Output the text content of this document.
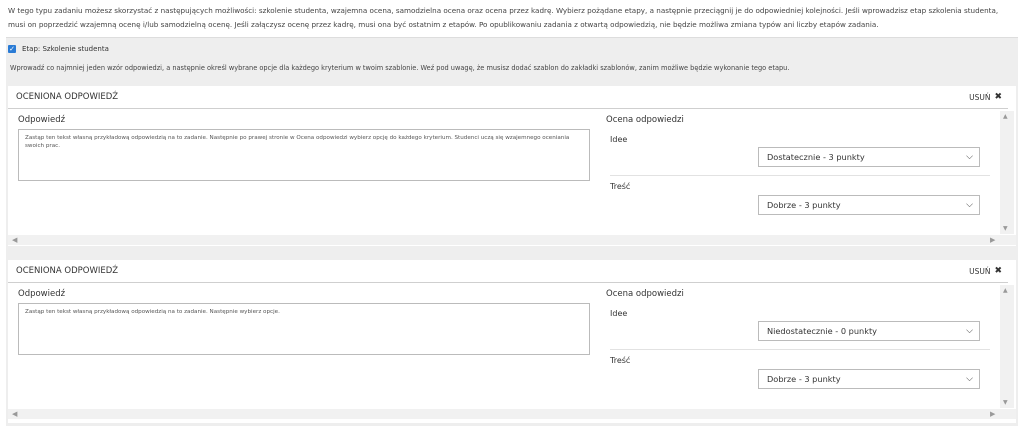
W tego typu zadaniu możesz skorzystać z następujących możliwości: szkolenie studenta, wzajemna ocena, samodzielna ocena oraz ocena przez kadrę. Wybierz pożądane etapy, a następnie przeciągnij je do odpowiedniej kolejności. Jeśli wprowadzisz etap szkolenia studenta, musi on poprzedzić wzajemną ocenę i/lub samodzielną ocenę. Jeśli załączysz ocenę przez kadrę, musi ona być ostatnim z etapów. Po opublikowaniu zadania z otwartą odpowiedzią, nie będzie możliwa zmiana typów ani liczby etapów zadania.
✓ Etap: Szkolenie studenta
Wprowadź co najmniej jeden wzór odpowiedzi, a następnie określ wybrane opcje dla każdego kryterium w twoim szablonie. Weź pod uwagę, że musisz dodać szablon do zakładki szablonów, zanim możliwe będzie wykonanie tego etapu.
OCENIONA ODPOWIEDŹ	USUŃ ✖
Odpowiedź
Zastąp ten tekst własną przykładową odpowiedzią na to zadanie. Następnie po prawej stronie w Ocena odpowiedzi wybierz opcję do każdego kryterium. Studenci uczą się wzajemnego oceniania swoich prac.
Ocena odpowiedzi
Idee
Dostatecznie - 3 punkty	⌵
Treść
Dobrze - 3 punkty	⌵
▲
▼
◀	▶
OCENIONA ODPOWIEDŹ	USUŃ ✖
Odpowiedź
Zastąp ten tekst własną przykładową odpowiedzią na to zadanie. Następnie wybierz opcje.
Ocena odpowiedzi
Idee
Niedostatecznie - 0 punkty	⌵
Treść
Dobrze - 3 punkty	⌵
▲
▼
◀	▶
